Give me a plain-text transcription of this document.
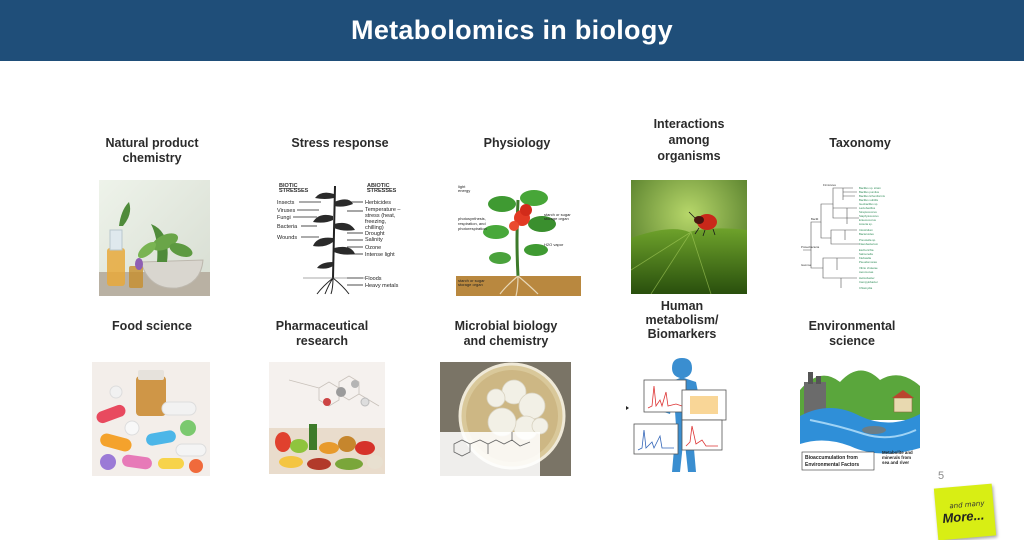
Metabolomics in biology
Natural product chemistry
Stress response	Physiology
Interactions among organisms
Taxonomy
BIOTIC
STRESSES
ABIOTIC
STRESSES
Insects
Viruses
Fungi
Bacteria
Wounds
Herbicides
Temperature –
stress (heat,
freezing,
chilling)
Drought
Salinity
Ozone
Intense light
Floods
Heavy metals
light
energy
photosynthesis,
respiration, and
photorespiration
starch or sugar
storage organ
H2O vapor
starch or sugar
storage organ
Bacillus sp. strain
Bacillus pumilus
Bacillus licheniformis
Bacillus subtilis
Geobacillus sp.
Lactobacillus
Streptococcus
Staphylococcus
Enterococcus
Listeria sp.
Clostridium
Bacteroides
Prevotella sp.
Flavobacterium
Escherichia
Salmonella
Klebsiella
Pseudomonas
Vibrio cholerae
Aeromonas
Helicobacter
Campylobacter
Chlamydia
Firmicutes
Bacilli
Proteobacteria
Gamma
Food science	Pharmaceutical research
Microbial biology and chemistry
Human metabolism/ Biomarkers
Environmental science
Bioaccumulation from
Environmental Factors
Metabolite and
minerals from
sea and river
5
and many
More...
